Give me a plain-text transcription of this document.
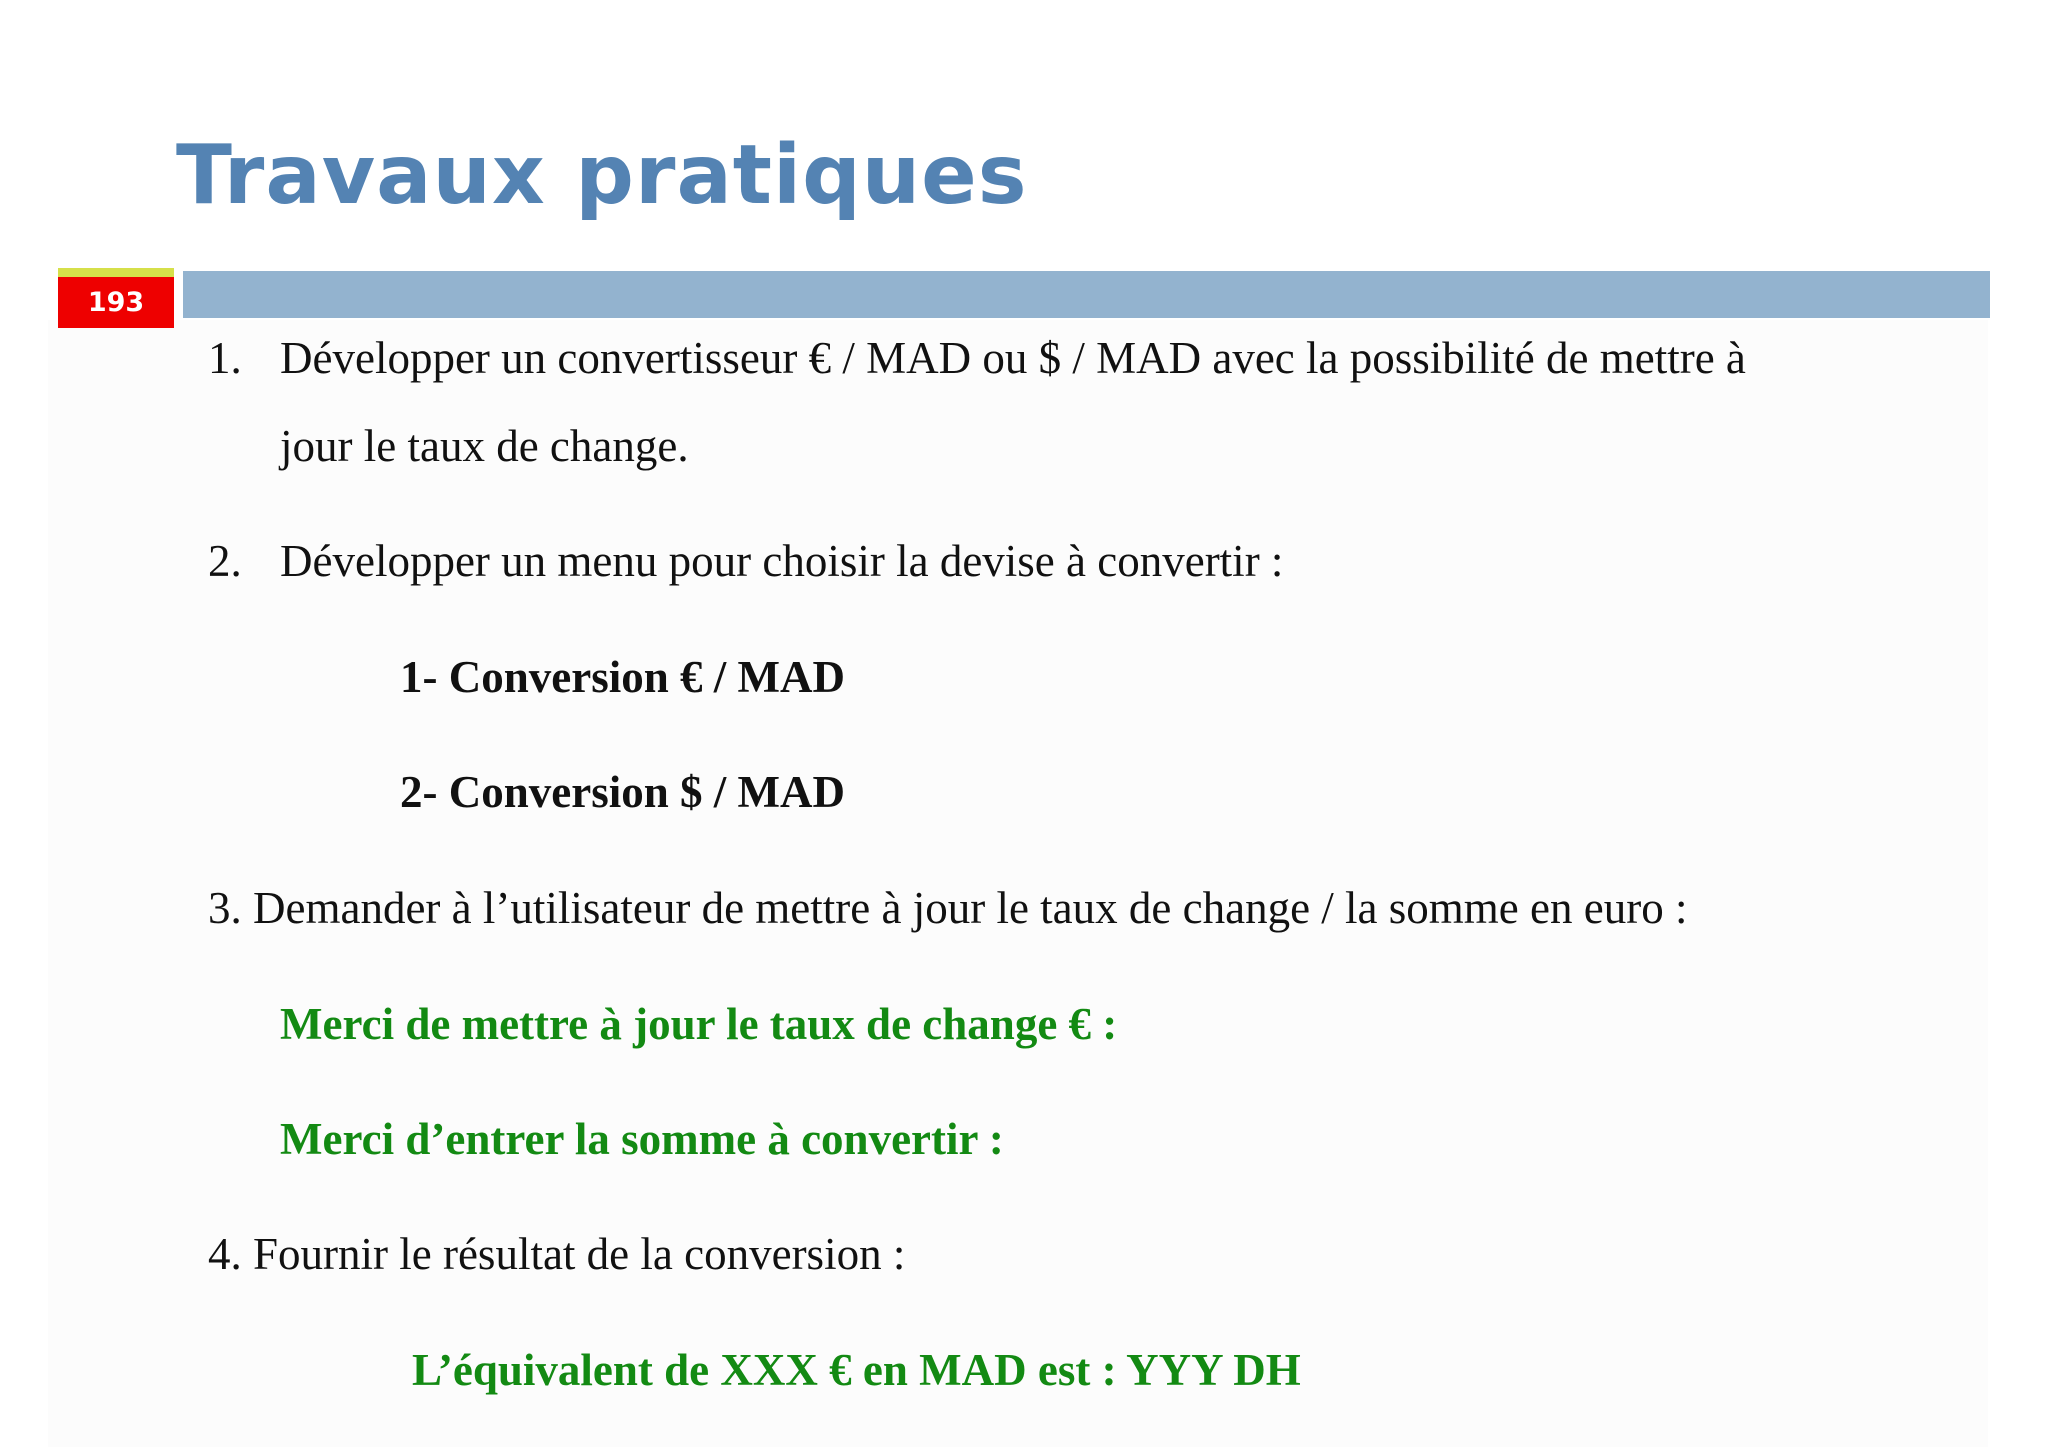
Travaux pratiques
193
1. Développer un convertisseur € / MAD ou $ / MAD avec la possibilité de mettre à
jour le taux de change.
2. Développer un menu pour choisir la devise à convertir :
1- Conversion € / MAD
2- Conversion $ / MAD
3. Demander à l’utilisateur de mettre à jour le taux de change / la somme en euro :
Merci de mettre à jour le taux de change € :
Merci d’entrer la somme à convertir :
4. Fournir le résultat de la conversion :
L’équivalent de XXX € en MAD est : YYY DH
